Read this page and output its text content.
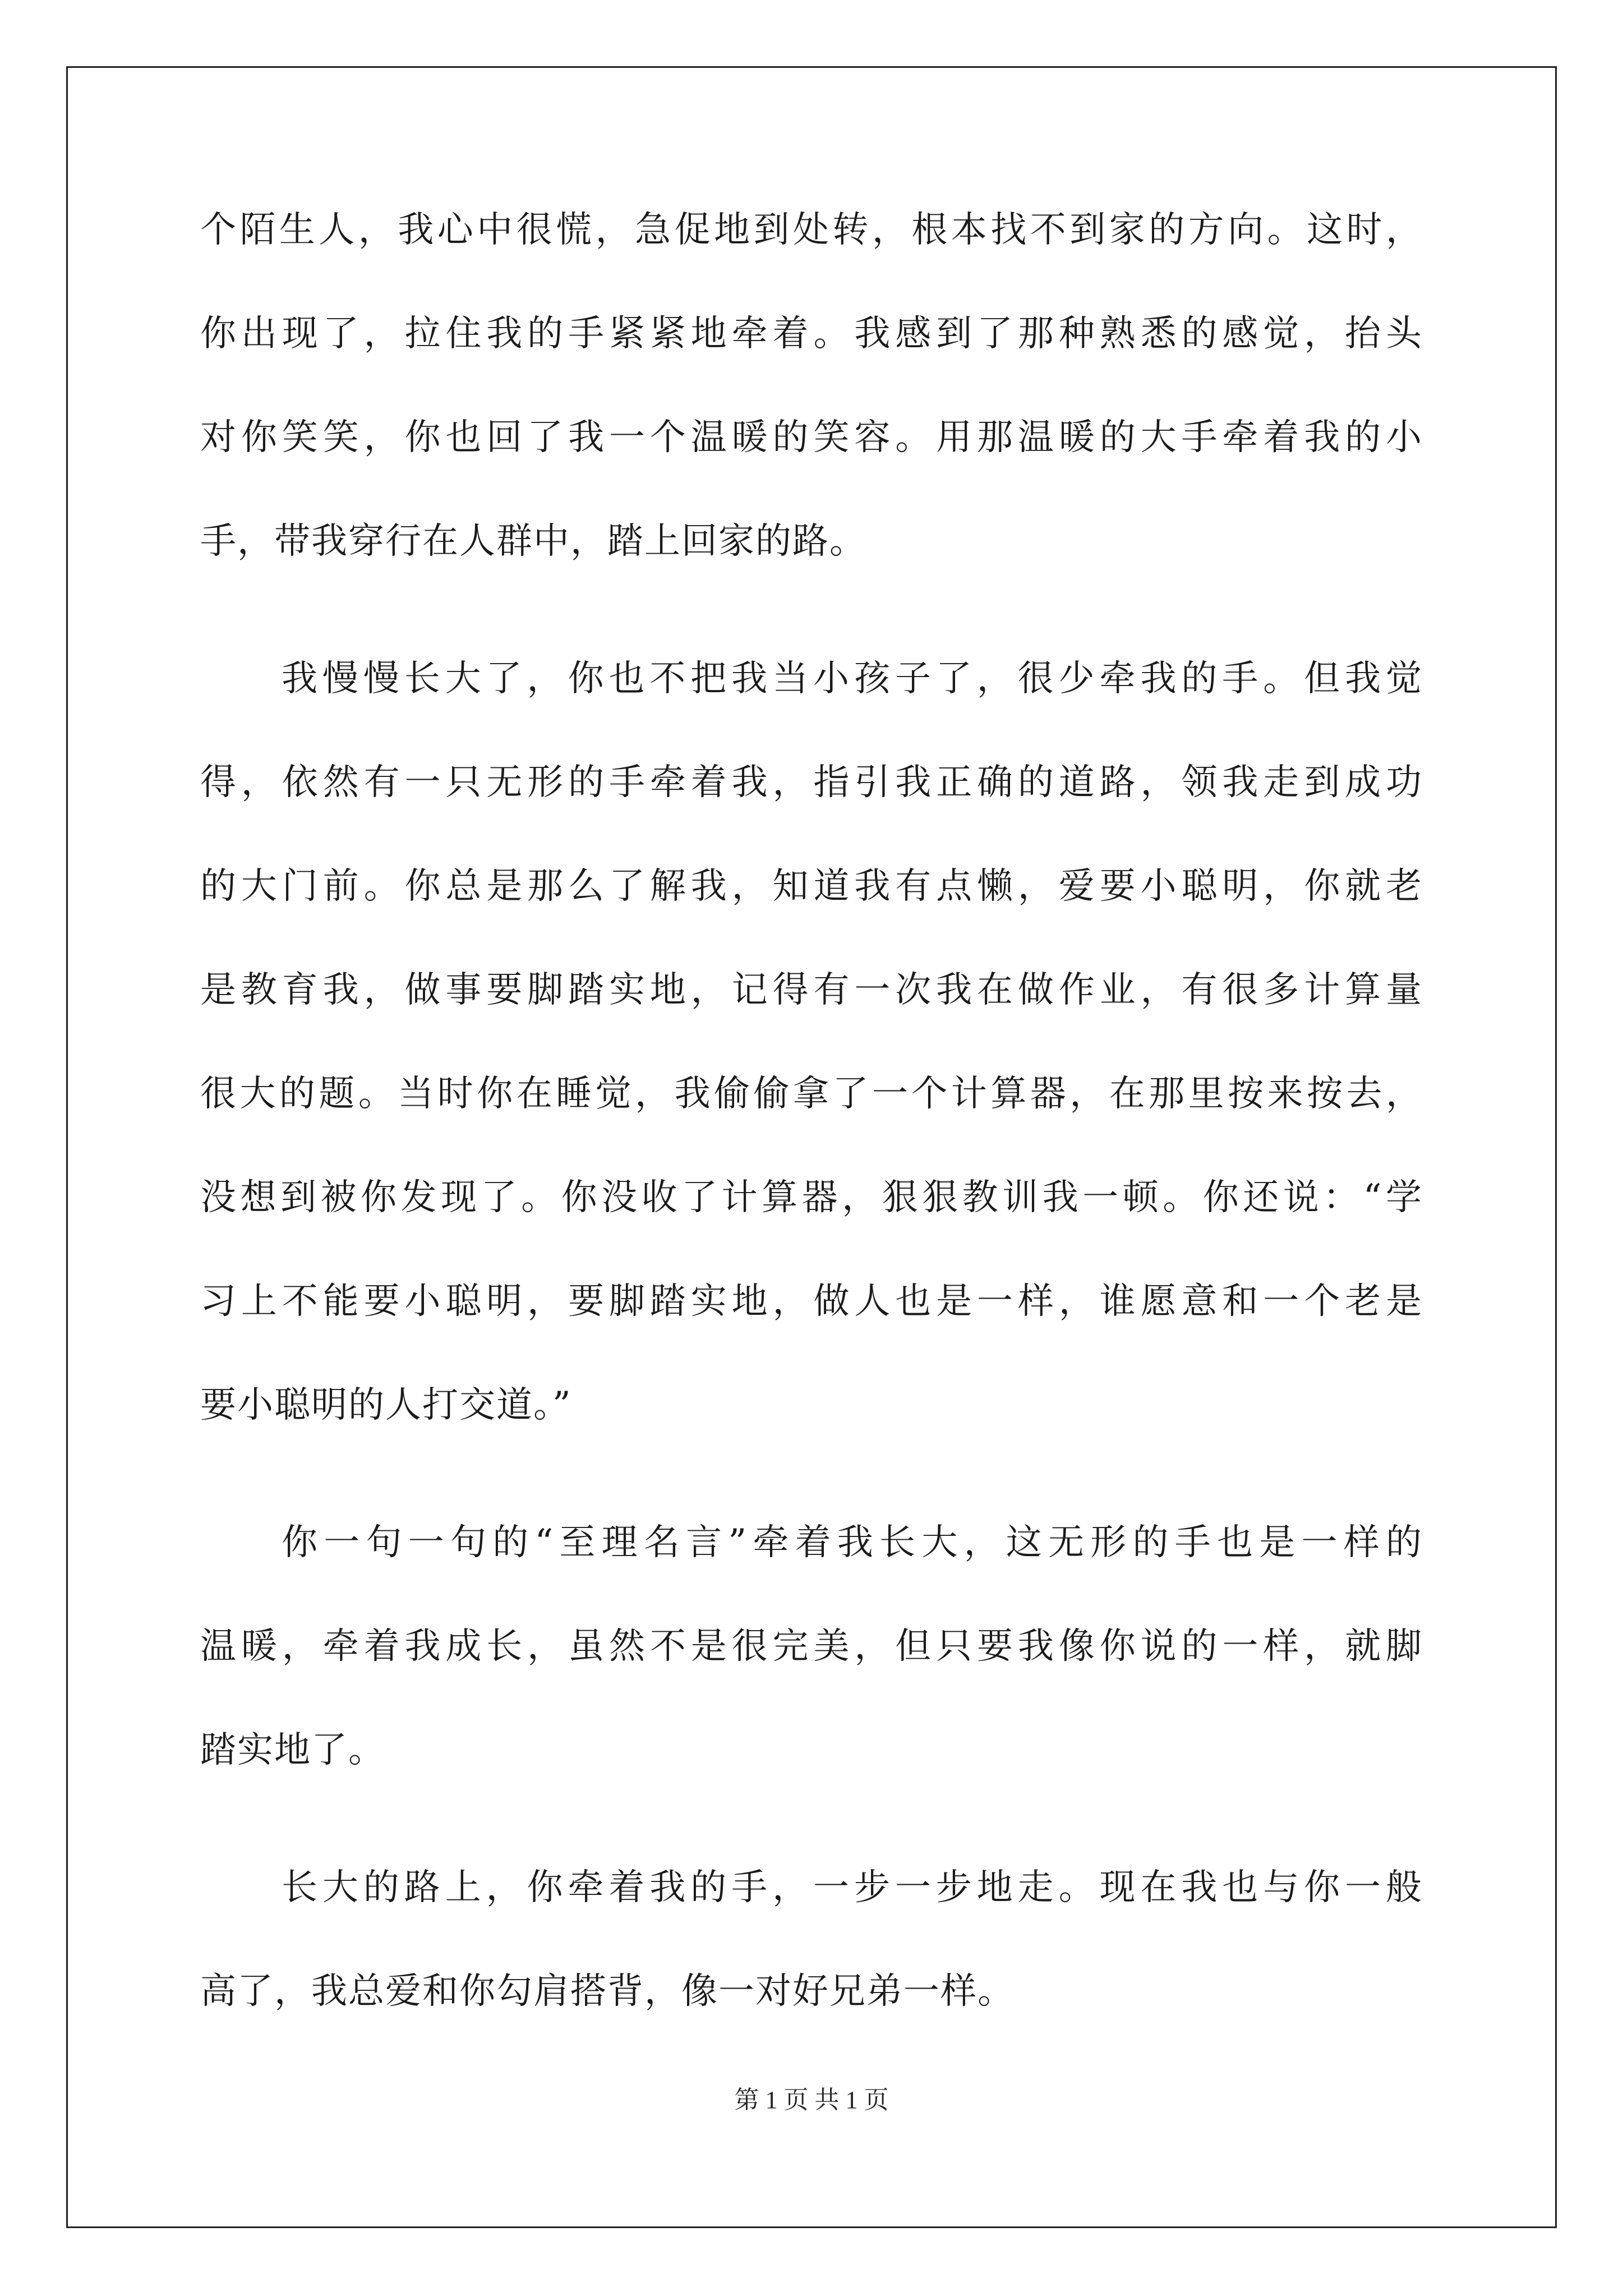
个陌生人，我心中很慌，急促地到处转，根本找不到家的方向。这时，
你出现了，拉住我的手紧紧地牵着。我感到了那种熟悉的感觉，抬头
对你笑笑，你也回了我一个温暖的笑容。用那温暖的大手牵着我的小
手，带我穿行在人群中，踏上回家的路。
我慢慢长大了，你也不把我当小孩子了，很少牵我的手。但我觉
得，依然有一只无形的手牵着我，指引我正确的道路，领我走到成功
的大门前。你总是那么了解我，知道我有点懒，爱要小聪明，你就老
是教育我，做事要脚踏实地，记得有一次我在做作业，有很多计算量
很大的题。当时你在睡觉，我偷偷拿了一个计算器，在那里按来按去，
没想到被你发现了。你没收了计算器，狠狠教训我一顿。你还说：“学
习上不能要小聪明，要脚踏实地，做人也是一样，谁愿意和一个老是
要小聪明的人打交道。”
你一句一句的“至理名言”牵着我长大，这无形的手也是一样的
温暖，牵着我成长，虽然不是很完美，但只要我像你说的一样，就脚
踏实地了。
长大的路上，你牵着我的手，一步一步地走。现在我也与你一般
高了，我总爱和你勾肩搭背，像一对好兄弟一样。
第 1 页 共 1 页
